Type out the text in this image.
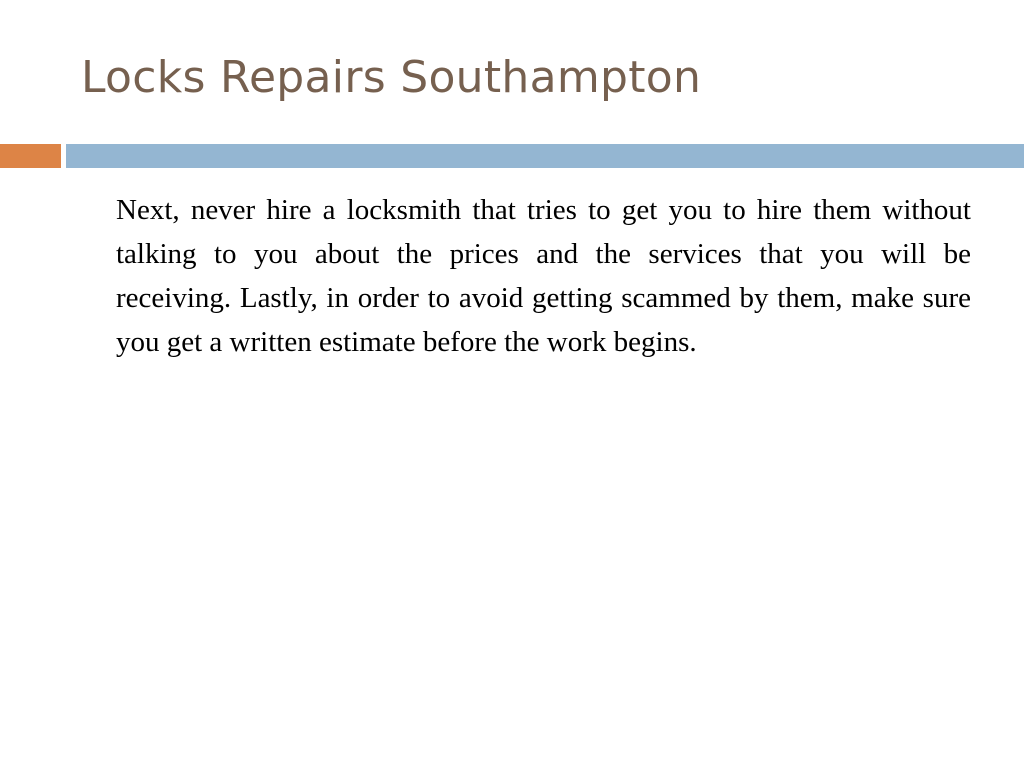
Locks Repairs Southampton

Next, never hire a locksmith that tries to get you to hire them without talking to you about the prices and the services that you will be receiving. Lastly, in order to avoid getting scammed by them, make sure you get a written estimate before the work begins.
